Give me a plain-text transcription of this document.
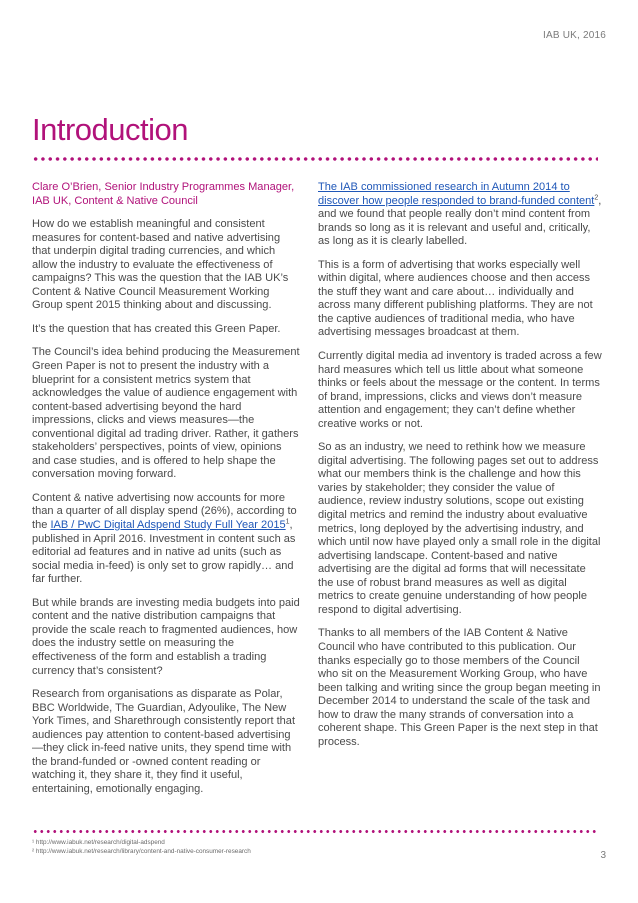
IAB UK, 2016
Introduction

Clare O’Brien, Senior Industry Programmes Manager, IAB UK, Content & Native Council

How do we establish meaningful and consistent measures for content-based and native advertising that underpin digital trading currencies, and which allow the industry to evaluate the effectiveness of campaigns? This was the question that the IAB UK’s Content & Native Council Measurement Working Group spent 2015 thinking about and discussing.

It’s the question that has created this Green Paper.

The Council’s idea behind producing the Measurement Green Paper is not to present the industry with a blueprint for a consistent metrics system that acknowledges the value of audience engagement with content-based advertising beyond the hard impressions, clicks and views measures—the conventional digital ad trading driver. Rather, it gathers stakeholders’ perspectives, points of view, opinions and case studies, and is offered to help shape the conversation moving forward.

Content & native advertising now accounts for more than a quarter of all display spend (26%), according to the IAB / PwC Digital Adspend Study Full Year 2015$^1$, published in April 2016. Investment in content such as editorial ad features and in native ad units (such as social media in-feed) is only set to grow rapidly… and far further.

But while brands are investing media budgets into paid content and the native distribution campaigns that provide the scale reach to fragmented audiences, how does the industry settle on measuring the effectiveness of the form and establish a trading currency that’s consistent?

Research from organisations as disparate as Polar, BBC Worldwide, The Guardian, Adyoulike, The New York Times, and Sharethrough consistently report that audiences pay attention to content-based advertising—they click in-feed native units, they spend time with the brand-funded or -owned content reading or watching it, they share it, they find it useful, entertaining, emotionally engaging.

The IAB commissioned research in Autumn 2014 to discover how people responded to brand-funded content$^2$, and we found that people really don’t mind content from brands so long as it is relevant and useful and, critically, as long as it is clearly labelled.

This is a form of advertising that works especially well within digital, where audiences choose and then access the stuff they want and care about… individually and across many different publishing platforms. They are not the captive audiences of traditional media, who have advertising messages broadcast at them.

Currently digital media ad inventory is traded across a few hard measures which tell us little about what someone thinks or feels about the message or the content. In terms of brand, impressions, clicks and views don’t measure attention and engagement; they can’t define whether creative works or not.

So as an industry, we need to rethink how we measure digital advertising. The following pages set out to address what our members think is the challenge and how this varies by stakeholder; they consider the value of audience, review industry solutions, scope out existing digital metrics and remind the industry about evaluative metrics, long deployed by the advertising industry, and which until now have played only a small role in the digital advertising landscape. Content-based and native advertising are the digital ad forms that will necessitate the use of robust brand measures as well as digital metrics to create genuine understanding of how people respond to digital advertising.

Thanks to all members of the IAB Content & Native Council who have contributed to this publication. Our thanks especially go to those members of the Council who sit on the Measurement Working Group, who have been talking and writing since the group began meeting in December 2014 to understand the scale of the task and how to draw the many strands of conversation into a coherent shape. This Green Paper is the next step in that process.

¹ http://www.iabuk.net/research/digital-adspend
² http://www.iabuk.net/research/library/content-and-native-consumer-research	3
